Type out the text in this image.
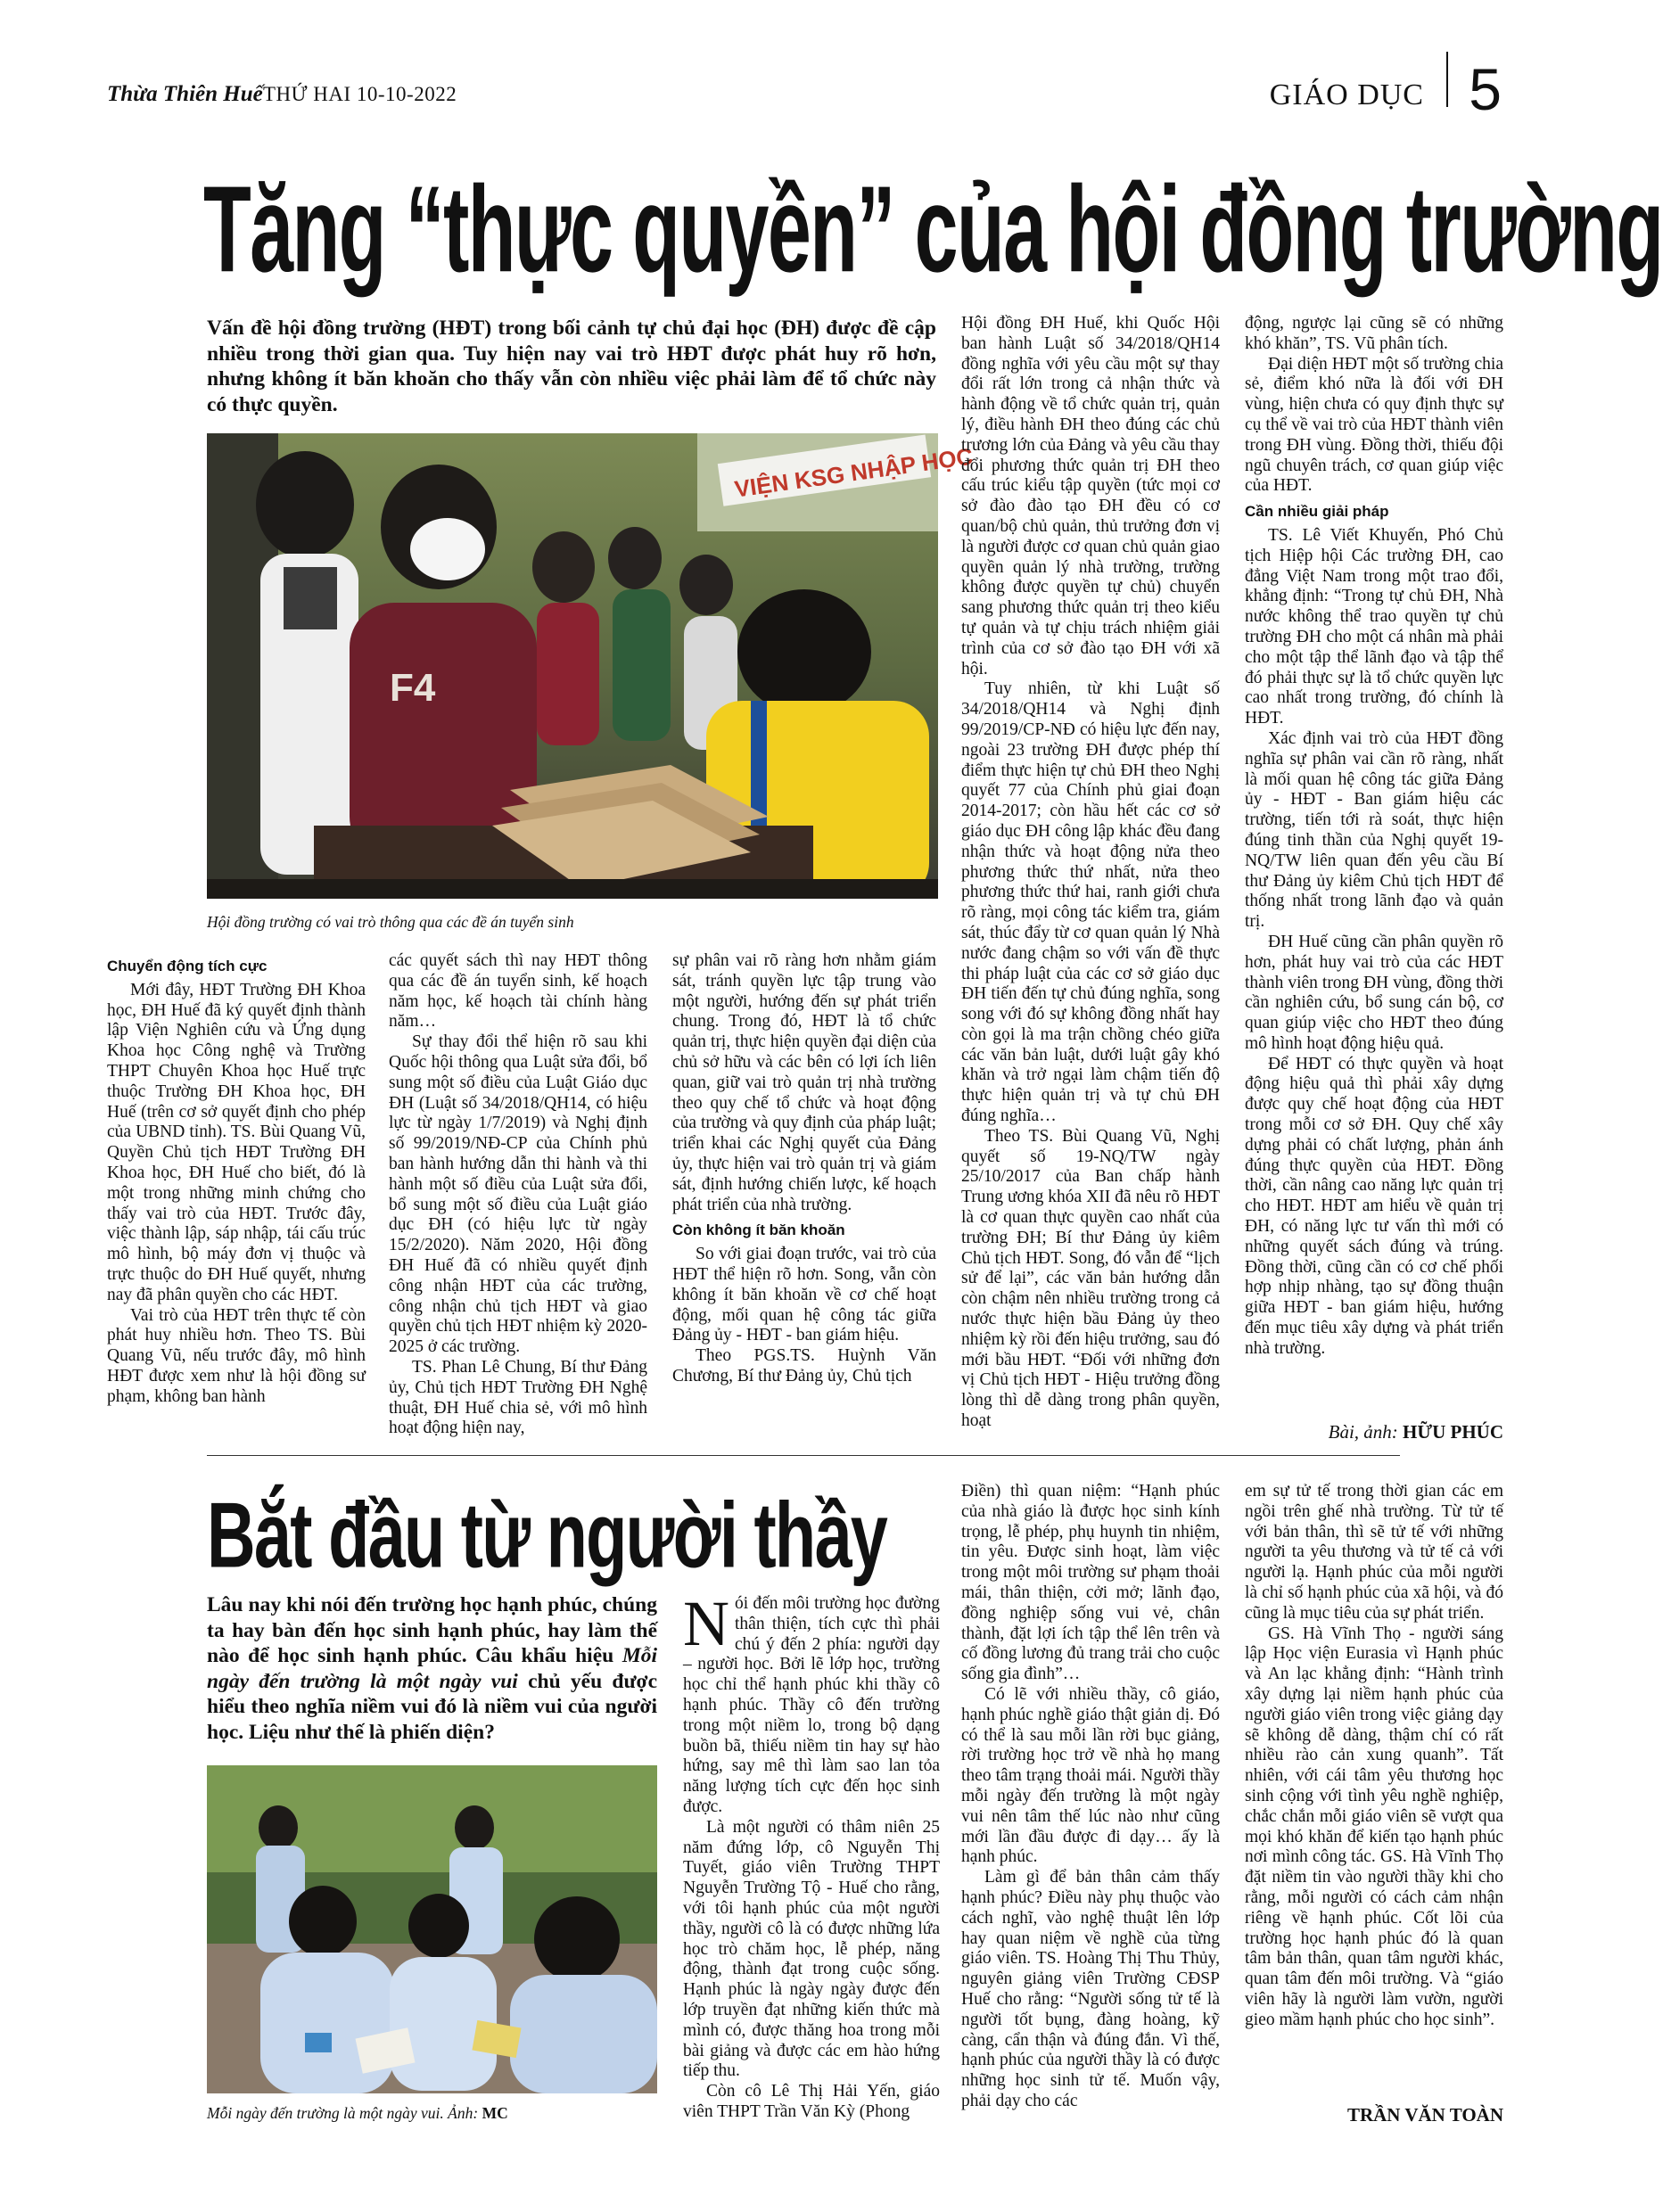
Thừa Thiên Huế THỨ HAI 10-10-2022	GIÁO DỤC 5
Tăng “thực quyền” của hội đồng trường
Vấn đề hội đồng trường (HĐT) trong bối cảnh tự chủ đại học (ĐH) được đề cập nhiều trong thời gian qua. Tuy hiện nay vai trò HĐT được phát huy rõ hơn, nhưng không ít băn khoăn cho thấy vẫn còn nhiều việc phải làm để tổ chức này có thực quyền.
VIỆN KSG NHẬP HỌC
F4
Hội đồng trường có vai trò thông qua các đề án tuyển sinh

Chuyển động tích cực

Mới đây, HĐT Trường ĐH Khoa học, ĐH Huế đã ký quyết định thành lập Viện Nghiên cứu và Ứng dụng Khoa học Công nghệ và Trường THPT Chuyên Khoa học Huế trực thuộc Trường ĐH Khoa học, ĐH Huế (trên cơ sở quyết định cho phép của UBND tỉnh). TS. Bùi Quang Vũ, Quyền Chủ tịch HĐT Trường ĐH Khoa học, ĐH Huế cho biết, đó là một trong những minh chứng cho thấy vai trò của HĐT. Trước đây, việc thành lập, sáp nhập, tái cấu trúc mô hình, bộ máy đơn vị thuộc và trực thuộc do ĐH Huế quyết, nhưng nay đã phân quyền cho các HĐT.

Vai trò của HĐT trên thực tế còn phát huy nhiều hơn. Theo TS. Bùi Quang Vũ, nếu trước đây, mô hình HĐT được xem như là hội đồng sư phạm, không ban hành

các quyết sách thì nay HĐT thông qua các đề án tuyển sinh, kế hoạch năm học, kế hoạch tài chính hàng năm…

Sự thay đổi thể hiện rõ sau khi Quốc hội thông qua Luật sửa đổi, bổ sung một số điều của Luật Giáo dục ĐH (Luật số 34/2018/QH14, có hiệu lực từ ngày 1/7/2019) và Nghị định số 99/2019/NĐ-CP của Chính phủ ban hành hướng dẫn thi hành và thi hành một số điều của Luật sửa đổi, bổ sung một số điều của Luật giáo dục ĐH (có hiệu lực từ ngày 15/2/2020). Năm 2020, Hội đồng ĐH Huế đã có nhiều quyết định công nhận HĐT của các trường, công nhận chủ tịch HĐT và giao quyền chủ tịch HĐT nhiệm kỳ 2020-2025 ở các trường.

TS. Phan Lê Chung, Bí thư Đảng ủy, Chủ tịch HĐT Trường ĐH Nghệ thuật, ĐH Huế chia sẻ, với mô hình hoạt động hiện nay,

sự phân vai rõ ràng hơn nhằm giám sát, tránh quyền lực tập trung vào một người, hướng đến sự phát triển chung. Trong đó, HĐT là tổ chức quản trị, thực hiện quyền đại diện của chủ sở hữu và các bên có lợi ích liên quan, giữ vai trò quản trị nhà trường theo quy chế tổ chức và hoạt động của trường và quy định của pháp luật; triển khai các Nghị quyết của Đảng ủy, thực hiện vai trò quản trị và giám sát, định hướng chiến lược, kế hoạch phát triển của nhà trường.

Còn không ít băn khoăn

So với giai đoạn trước, vai trò của HĐT thể hiện rõ hơn. Song, vẫn còn không ít băn khoăn về cơ chế hoạt động, mối quan hệ công tác giữa Đảng ủy - HĐT - ban giám hiệu.

Theo PGS.TS. Huỳnh Văn Chương, Bí thư Đảng ủy, Chủ tịch

Hội đồng ĐH Huế, khi Quốc Hội ban hành Luật số 34/2018/QH14 đồng nghĩa với yêu cầu một sự thay đổi rất lớn trong cả nhận thức và hành động về tổ chức quản trị, quản lý, điều hành ĐH theo đúng các chủ trương lớn của Đảng và yêu cầu thay đổi phương thức quản trị ĐH theo cấu trúc kiểu tập quyền (tức mọi cơ sở đào đào tạo ĐH đều có cơ quan/bộ chủ quản, thủ trưởng đơn vị là người được cơ quan chủ quản giao quyền quản lý nhà trường, trường không được quyền tự chủ) chuyển sang phương thức quản trị theo kiểu tự quản và tự chịu trách nhiệm giải trình của cơ sở đào tạo ĐH với xã hội.

Tuy nhiên, từ khi Luật số 34/2018/QH14 và Nghị định 99/2019/CP-NĐ có hiệu lực đến nay, ngoài 23 trường ĐH được phép thí điểm thực hiện tự chủ ĐH theo Nghị quyết 77 của Chính phủ giai đoạn 2014-2017; còn hầu hết các cơ sở giáo dục ĐH công lập khác đều đang nhận thức và hoạt động nửa theo phương thức thứ nhất, nửa theo phương thức thứ hai, ranh giới chưa rõ ràng, mọi công tác kiểm tra, giám sát, thúc đẩy từ cơ quan quản lý Nhà nước đang chậm so với vấn đề thực thi pháp luật của các cơ sở giáo dục ĐH tiến đến tự chủ đúng nghĩa, song song với đó sự không đồng nhất hay còn gọi là ma trận chồng chéo giữa các văn bản luật, dưới luật gây khó khăn và trở ngại làm chậm tiến độ thực hiện quản trị và tự chủ ĐH đúng nghĩa…

Theo TS. Bùi Quang Vũ, Nghị quyết số 19-NQ/TW ngày 25/10/2017 của Ban chấp hành Trung ương khóa XII đã nêu rõ HĐT là cơ quan thực quyền cao nhất của trường ĐH; Bí thư Đảng ủy kiêm Chủ tịch HĐT. Song, đó vẫn để “lịch sử để lại”, các văn bản hướng dẫn còn chậm nên nhiều trường trong cả nước thực hiện bầu Đảng ủy theo nhiệm kỳ rồi đến hiệu trưởng, sau đó mới bầu HĐT. “Đối với những đơn vị Chủ tịch HĐT - Hiệu trưởng đồng lòng thì dễ dàng trong phân quyền, hoạt

động, ngược lại cũng sẽ có những khó khăn”, TS. Vũ phân tích.

Đại diện HĐT một số trường chia sẻ, điểm khó nữa là đối với ĐH vùng, hiện chưa có quy định thực sự cụ thể về vai trò của HĐT thành viên trong ĐH vùng. Đồng thời, thiếu đội ngũ chuyên trách, cơ quan giúp việc của HĐT.

Cần nhiều giải pháp

TS. Lê Viết Khuyến, Phó Chủ tịch Hiệp hội Các trường ĐH, cao đẳng Việt Nam trong một trao đổi, khẳng định: “Trong tự chủ ĐH, Nhà nước không thể trao quyền tự chủ trường ĐH cho một cá nhân mà phải cho một tập thể lãnh đạo và tập thể đó phải thực sự là tổ chức quyền lực cao nhất trong trường, đó chính là HĐT.

Xác định vai trò của HĐT đồng nghĩa sự phân vai cần rõ ràng, nhất là mối quan hệ công tác giữa Đảng ủy - HĐT - Ban giám hiệu các trường, tiến tới rà soát, thực hiện đúng tinh thần của Nghị quyết 19-NQ/TW liên quan đến yêu cầu Bí thư Đảng ủy kiêm Chủ tịch HĐT để thống nhất trong lãnh đạo và quản trị.

ĐH Huế cũng cần phân quyền rõ hơn, phát huy vai trò của các HĐT thành viên trong ĐH vùng, đồng thời cần nghiên cứu, bổ sung cán bộ, cơ quan giúp việc cho HĐT theo đúng mô hình hoạt động hiệu quả.

Để HĐT có thực quyền và hoạt động hiệu quả thì phải xây dựng được quy chế hoạt động của HĐT trong mỗi cơ sở ĐH. Quy chế xây dựng phải có chất lượng, phản ánh đúng thực quyền của HĐT. Đồng thời, cần nâng cao năng lực quản trị cho HĐT. HĐT am hiểu về quản trị ĐH, có năng lực tư vấn thì mới có những quyết sách đúng và trúng. Đồng thời, cũng cần có cơ chế phối hợp nhịp nhàng, tạo sự đồng thuận giữa HĐT - ban giám hiệu, hướng đến mục tiêu xây dựng và phát triển nhà trường.

Bài, ảnh: HỮU PHÚC
Bắt đầu từ người thầy
Lâu nay khi nói đến trường học hạnh phúc, chúng ta hay bàn đến học sinh hạnh phúc, hay làm thế nào để học sinh hạnh phúc. Câu khẩu hiệu Mỗi ngày đến trường là một ngày vui chủ yếu được hiểu theo nghĩa niềm vui đó là niềm vui của người học. Liệu như thế là phiến diện?
Mỗi ngày đến trường là một ngày vui. Ảnh: MC

Nói đến môi trường học đường thân thiện, tích cực thì phải chú ý đến 2 phía: người dạy – người học. Bởi lẽ lớp học, trường học chỉ thể hạnh phúc khi thầy cô hạnh phúc. Thầy cô đến trường trong một niềm lo, trong bộ dạng buồn bã, thiếu niềm tin hay sự hào hứng, say mê thì làm sao lan tỏa năng lượng tích cực đến học sinh được.

Là một người có thâm niên 25 năm đứng lớp, cô Nguyễn Thị Tuyết, giáo viên Trường THPT Nguyễn Trường Tộ - Huế cho rằng, với tôi hạnh phúc của một người thầy, người cô là có được những lứa học trò chăm học, lễ phép, năng động, thành đạt trong cuộc sống. Hạnh phúc là ngày ngày được đến lớp truyền đạt những kiến thức mà mình có, được thăng hoa trong mỗi bài giảng và được các em hào hứng tiếp thu.

Còn cô Lê Thị Hải Yến, giáo viên THPT Trần Văn Kỳ (Phong

Điền) thì quan niệm: “Hạnh phúc của nhà giáo là được học sinh kính trọng, lễ phép, phụ huynh tin nhiệm, tin yêu. Được sinh hoạt, làm việc trong một môi trường sư phạm thoải mái, thân thiện, cởi mở; lãnh đạo, đồng nghiệp sống vui vẻ, chân thành, đặt lợi ích tập thể lên trên và cố đồng lương đủ trang trải cho cuộc sống gia đình”…

Có lẽ với nhiều thầy, cô giáo, hạnh phúc nghề giáo thật giản dị. Đó có thể là sau mỗi lần rời bục giảng, rời trường học trở về nhà họ mang theo tâm trạng thoải mái. Người thầy mỗi ngày đến trường là một ngày vui nên tâm thế lúc nào như cũng mới lần đầu được đi dạy… ấy là hạnh phúc.

Làm gì để bản thân cảm thấy hạnh phúc? Điều này phụ thuộc vào cách nghĩ, vào nghệ thuật lên lớp hay quan niệm về nghề của từng giáo viên. TS. Hoàng Thị Thu Thủy, nguyên giảng viên Trường CĐSP Huế cho rằng: “Người sống tử tế là người tốt bụng, đàng hoàng, kỹ càng, cẩn thận và đúng đắn. Vì thế, hạnh phúc của người thầy là có được những học sinh tử tế. Muốn vậy, phải dạy cho các

em sự tử tế trong thời gian các em ngồi trên ghế nhà trường. Từ tử tế với bản thân, thì sẽ tử tế với những người ta yêu thương và tử tế cả với người lạ. Hạnh phúc của mỗi người là chỉ số hạnh phúc của xã hội, và đó cũng là mục tiêu của sự phát triển.

GS. Hà Vĩnh Thọ - người sáng lập Học viện Eurasia vì Hạnh phúc và An lạc khẳng định: “Hành trình xây dựng lại niềm hạnh phúc của người giáo viên trong việc giảng dạy sẽ không dễ dàng, thậm chí có rất nhiều rào cản xung quanh”. Tất nhiên, với cái tâm yêu thương học sinh cộng với tình yêu nghề nghiệp, chắc chắn mỗi giáo viên sẽ vượt qua mọi khó khăn để kiến tạo hạnh phúc nơi mình công tác. GS. Hà Vĩnh Thọ đặt niềm tin vào người thầy khi cho rằng, mỗi người có cách cảm nhận riêng về hạnh phúc. Cốt lõi của trường học hạnh phúc đó là quan tâm bản thân, quan tâm người khác, quan tâm đến môi trường. Và “giáo viên hãy là người làm vườn, người gieo mầm hạnh phúc cho học sinh”.

TRẦN VĂN TOÀN
